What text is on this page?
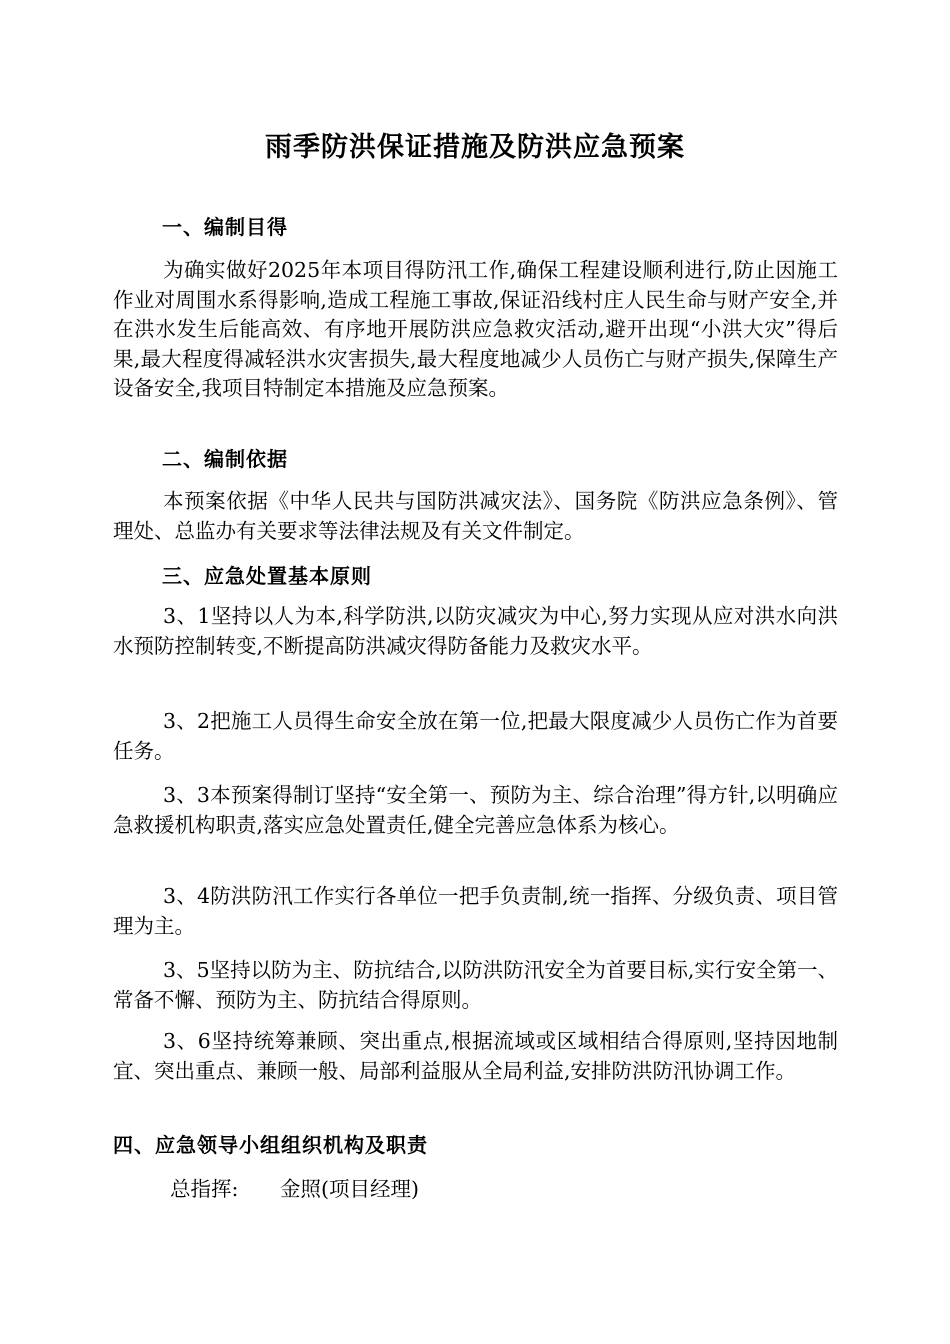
雨季防洪保证措施及防洪应急预案
一、编制目得

为确实做好2025年本项目得防汛工作,确保工程建设顺利进行,防止因施工作业对周围水系得影响,造成工程施工事故,保证沿线村庄人民生命与财产安全,并在洪水发生后能高效、有序地开展防洪应急救灾活动,避开出现“小洪大灾”得后果,最大程度得减轻洪水灾害损失,最大程度地减少人员伤亡与财产损失,保障生产设备安全,我项目特制定本措施及应急预案。

二、编制依据

本预案依据《中华人民共与国防洪减灾法》、国务院《防洪应急条例》、管理处、总监办有关要求等法律法规及有关文件制定。

三、应急处置基本原则

3、1坚持以人为本,科学防洪,以防灾减灾为中心,努力实现从应对洪水向洪水预防控制转变,不断提高防洪减灾得防备能力及救灾水平。

3、2把施工人员得生命安全放在第一位,把最大限度减少人员伤亡作为首要任务。

3、3本预案得制订坚持“安全第一、预防为主、综合治理”得方针,以明确应急救援机构职责,落实应急处置责任,健全完善应急体系为核心。

3、4防洪防汛工作实行各单位一把手负责制,统一指挥、分级负责、项目管理为主。

3、5坚持以防为主、防抗结合,以防洪防汛安全为首要目标,实行安全第一、常备不懈、预防为主、防抗结合得原则。

3、6坚持统筹兼顾、突出重点,根据流域或区域相结合得原则,坚持因地制宜、突出重点、兼顾一般、局部利益服从全局利益,安排防洪防汛协调工作。

四、应急领导小组组织机构及职责
总指挥: 金照(项目经理)
